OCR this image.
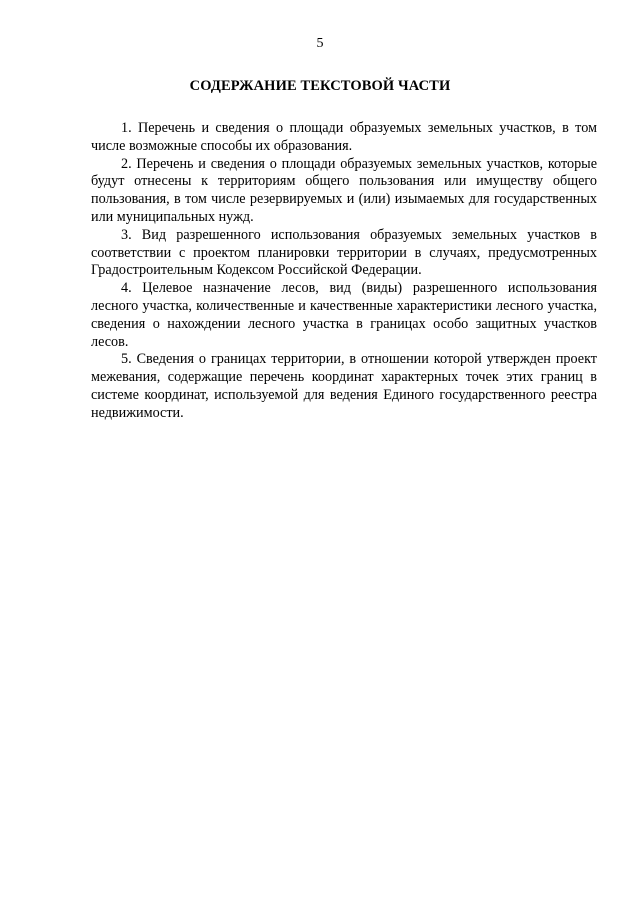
5
СОДЕРЖАНИЕ ТЕКСТОВОЙ ЧАСТИ

1. Перечень и сведения о площади образуемых земельных участков, в том числе возможные способы их образования.

2. Перечень и сведения о площади образуемых земельных участков, которые будут отнесены к территориям общего пользования или имуществу общего пользования, в том числе резервируемых и (или) изымаемых для государственных или муниципальных нужд.

3. Вид разрешенного использования образуемых земельных участков в соответствии с проектом планировки территории в случаях, предусмотренных Градостроительным Кодексом Российской Федерации.

4. Целевое назначение лесов, вид (виды) разрешенного использования лесного участка, количественные и качественные характеристики лесного участка, сведения о нахождении лесного участка в границах особо защитных участков лесов.

5. Сведения о границах территории, в отношении которой утвержден проект межевания, содержащие перечень координат характерных точек этих границ в системе координат, используемой для ведения Единого государственного реестра недвижимости.
